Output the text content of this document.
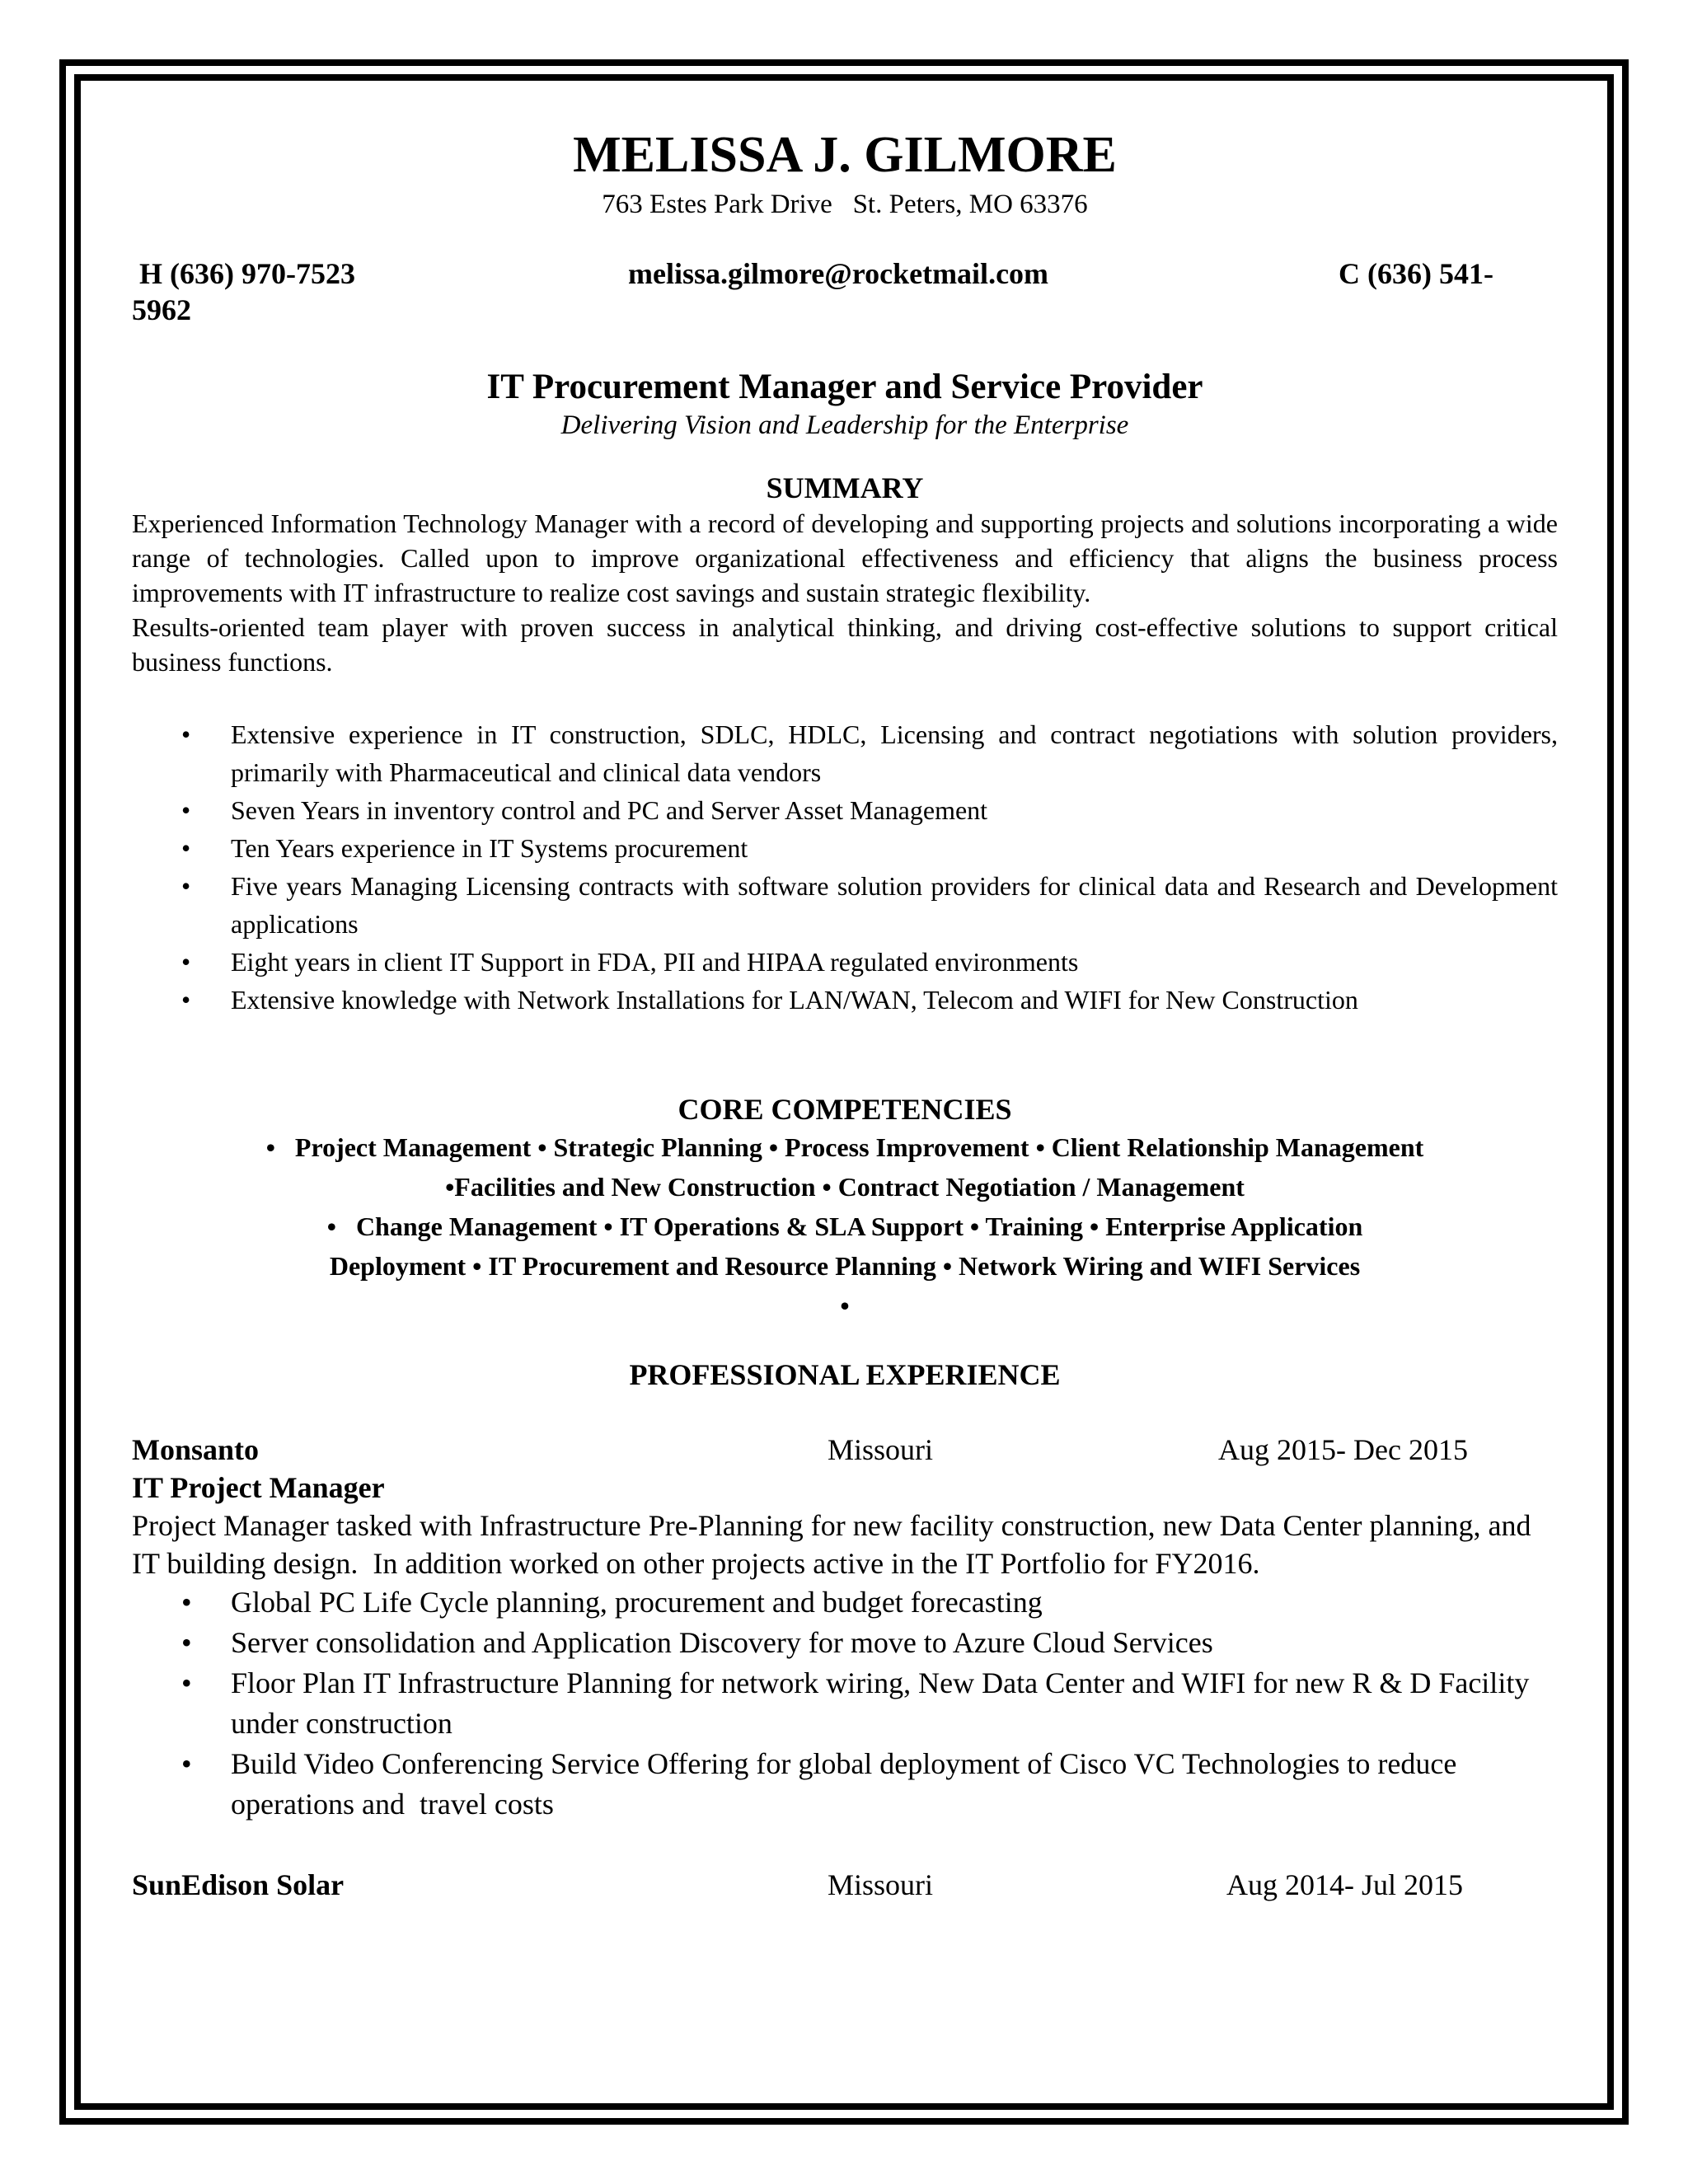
MELISSA J. GILMORE
763 Estes Park Drive   St. Peters, MO 63376
H (636) 970-7523	melissa.gilmore@rocketmail.com	C (636) 541-
5962
IT Procurement Manager and Service Provider
Delivering Vision and Leadership for the Enterprise
SUMMARY

Experienced Information Technology Manager with a record of developing and supporting projects and solutions incorporating a wide range of technologies. Called upon to improve organizational effectiveness and efficiency that aligns the business process improvements with IT infrastructure to realize cost savings and sustain strategic flexibility.

Results-oriented team player with proven success in analytical thinking, and driving cost-effective solutions to support critical business functions.

• Extensive experience in IT construction, SDLC, HDLC, Licensing and contract negotiations with solution providers, primarily with Pharmaceutical and clinical data vendors
• Seven Years in inventory control and PC and Server Asset Management
• Ten Years experience in IT Systems procurement
• Five years Managing Licensing contracts with software solution providers for clinical data and Research and Development applications
• Eight years in client IT Support in FDA, PII and HIPAA regulated environments
• Extensive knowledge with Network Installations for LAN/WAN, Telecom and WIFI for New Construction
CORE COMPETENCIES
•   Project Management • Strategic Planning • Process Improvement • Client Relationship Management
•Facilities and New Construction • Contract Negotiation / Management
•   Change Management • IT Operations & SLA Support • Training • Enterprise Application
Deployment • IT Procurement and Resource Planning • Network Wiring and WIFI Services
•
PROFESSIONAL EXPERIENCE
Monsanto	Missouri	Aug 2015- Dec 2015
IT Project Manager

Project Manager tasked with Infrastructure Pre-Planning for new facility construction, new Data Center planning, and IT building design.  In addition worked on other projects active in the IT Portfolio for FY2016.

• Global PC Life Cycle planning, procurement and budget forecasting
• Server consolidation and Application Discovery for move to Azure Cloud Services
• Floor Plan IT Infrastructure Planning for network wiring, New Data Center and WIFI for new R & D Facility under construction
• Build Video Conferencing Service Offering for global deployment of Cisco VC Technologies to reduce operations and  travel costs
SunEdison Solar	Missouri	Aug 2014- Jul 2015
